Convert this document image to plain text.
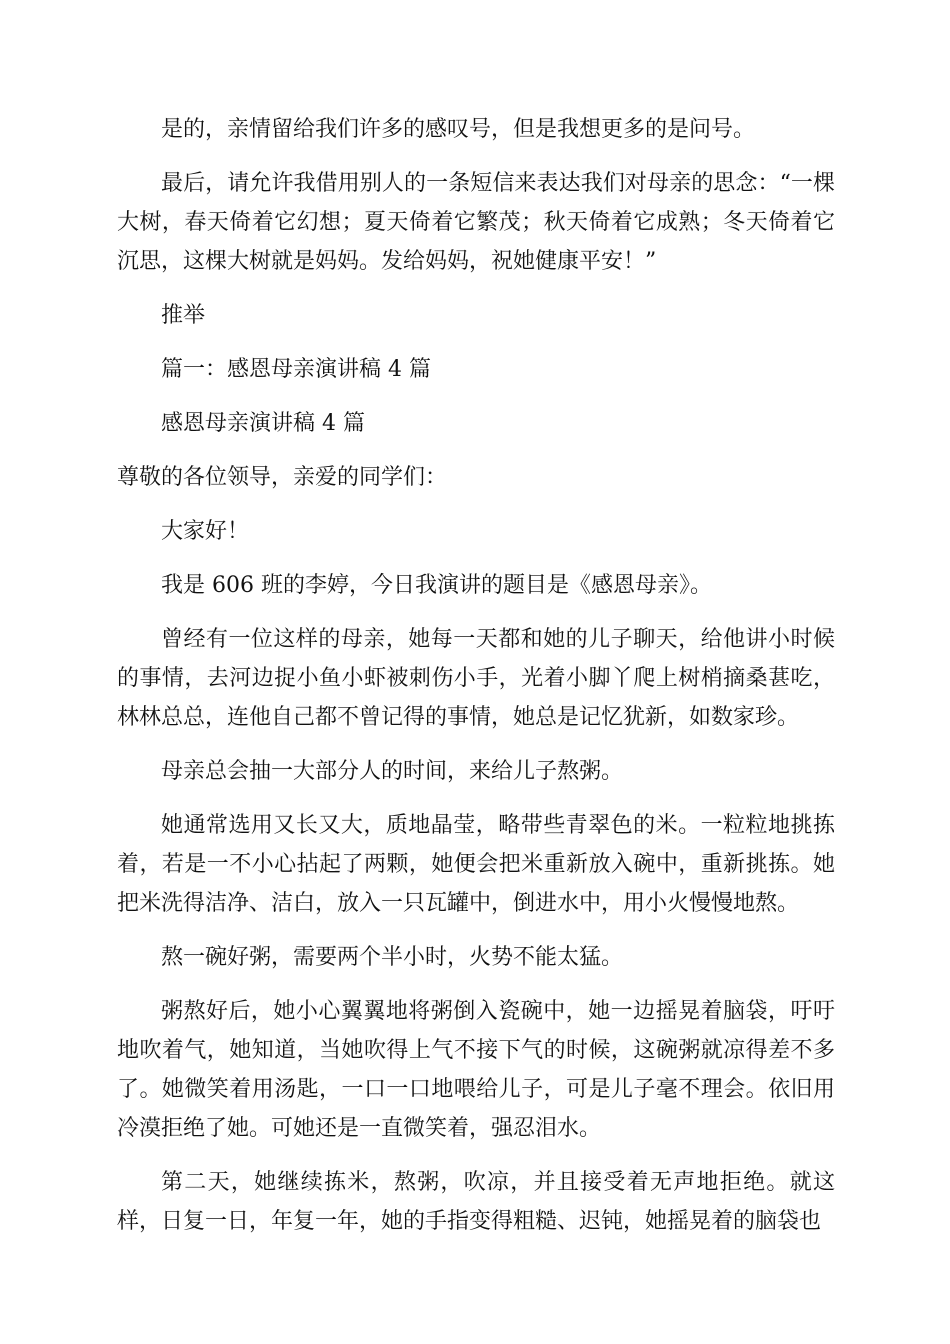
是的，亲情留给我们许多的感叹号，但是我想更多的是问号。

最后，请允许我借用别人的一条短信来表达我们对母亲的思念：“一棵大树，春天倚着它幻想；夏天倚着它繁茂；秋天倚着它成熟；冬天倚着它沉思，这棵大树就是妈妈。发给妈妈，祝她健康平安！”

推举

篇一：感恩母亲演讲稿 4 篇

感恩母亲演讲稿 4 篇

尊敬的各位领导，亲爱的同学们：

大家好！

我是 606 班的李婷，今日我演讲的题目是《感恩母亲》。

曾经有一位这样的母亲，她每一天都和她的儿子聊天，给他讲小时候的事情，去河边捉小鱼小虾被刺伤小手，光着小脚丫爬上树梢摘桑葚吃，林林总总，连他自己都不曾记得的事情，她总是记忆犹新，如数家珍。

母亲总会抽一大部分人的时间，来给儿子熬粥。

她通常选用又长又大，质地晶莹，略带些青翠色的米。一粒粒地挑拣着，若是一不小心拈起了两颗，她便会把米重新放入碗中，重新挑拣。她把米洗得洁净、洁白，放入一只瓦罐中，倒进水中，用小火慢慢地熬。

熬一碗好粥，需要两个半小时，火势不能太猛。

粥熬好后，她小心翼翼地将粥倒入瓷碗中，她一边摇晃着脑袋，吁吁地吹着气，她知道，当她吹得上气不接下气的时候，这碗粥就凉得差不多了。她微笑着用汤匙，一口一口地喂给儿子，可是儿子毫不理会。依旧用冷漠拒绝了她。可她还是一直微笑着，强忍泪水。

第二天，她继续拣米，熬粥，吹凉，并且接受着无声地拒绝。就这样，日复一日，年复一年，她的手指变得粗糙、迟钝，她摇晃着的脑袋也
